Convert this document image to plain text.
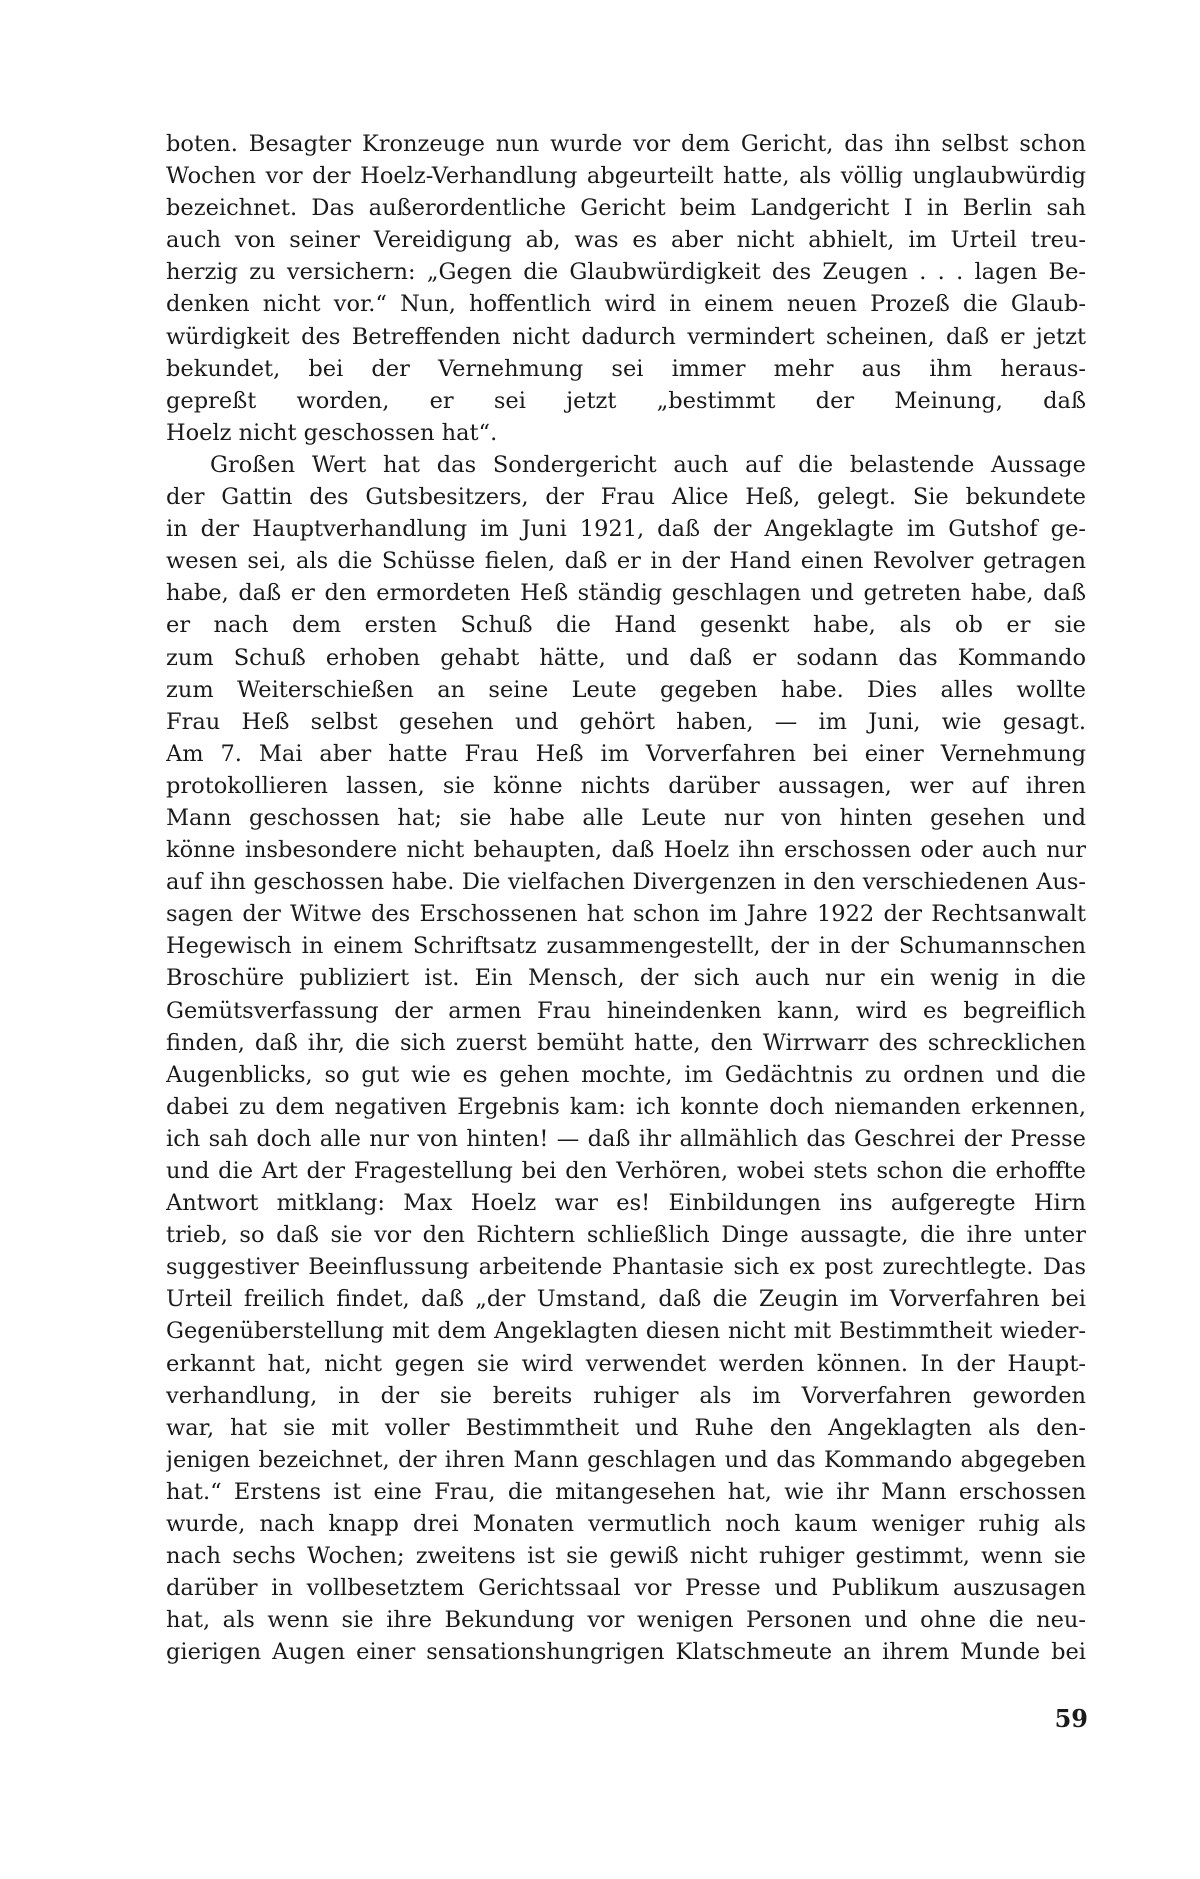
boten. Besagter Kronzeuge nun wurde vor dem Gericht, das ihn selbst schon
Wochen vor der Hoelz-Verhandlung abgeurteilt hatte, als völlig unglaubwürdig
bezeichnet. Das außerordentliche Gericht beim Landgericht I in Berlin sah
auch von seiner Vereidigung ab, was es aber nicht abhielt, im Urteil treu-
herzig zu versichern: „Gegen die Glaubwürdigkeit des Zeugen . . . lagen Be-
denken nicht vor.“ Nun, hoffentlich wird in einem neuen Prozeß die Glaub-
würdigkeit des Betreffenden nicht dadurch vermindert scheinen, daß er jetzt
bekundet, bei der Vernehmung sei immer mehr aus ihm heraus-
gepreßt worden, er sei jetzt „bestimmt der Meinung, daß
Hoelz nicht geschossen hat“.
Großen Wert hat das Sondergericht auch auf die belastende Aussage
der Gattin des Gutsbesitzers, der Frau Alice Heß, gelegt. Sie bekundete
in der Hauptverhandlung im Juni 1921, daß der Angeklagte im Gutshof ge-
wesen sei, als die Schüsse fielen, daß er in der Hand einen Revolver getragen
habe, daß er den ermordeten Heß ständig geschlagen und getreten habe, daß
er nach dem ersten Schuß die Hand gesenkt habe, als ob er sie
zum Schuß erhoben gehabt hätte, und daß er sodann das Kommando
zum Weiterschießen an seine Leute gegeben habe. Dies alles wollte
Frau Heß selbst gesehen und gehört haben, — im Juni, wie gesagt.
Am 7. Mai aber hatte Frau Heß im Vorverfahren bei einer Vernehmung
protokollieren lassen, sie könne nichts darüber aussagen, wer auf ihren
Mann geschossen hat; sie habe alle Leute nur von hinten gesehen und
könne insbesondere nicht behaupten, daß Hoelz ihn erschossen oder auch nur
auf ihn geschossen habe. Die vielfachen Divergenzen in den verschiedenen Aus-
sagen der Witwe des Erschossenen hat schon im Jahre 1922 der Rechtsanwalt
Hegewisch in einem Schriftsatz zusammengestellt, der in der Schumannschen
Broschüre publiziert ist. Ein Mensch, der sich auch nur ein wenig in die
Gemütsverfassung der armen Frau hineindenken kann, wird es begreiflich
finden, daß ihr, die sich zuerst bemüht hatte, den Wirrwarr des schrecklichen
Augenblicks, so gut wie es gehen mochte, im Gedächtnis zu ordnen und die
dabei zu dem negativen Ergebnis kam: ich konnte doch niemanden erkennen,
ich sah doch alle nur von hinten! — daß ihr allmählich das Geschrei der Presse
und die Art der Fragestellung bei den Verhören, wobei stets schon die erhoffte
Antwort mitklang: Max Hoelz war es! Einbildungen ins aufgeregte Hirn
trieb, so daß sie vor den Richtern schließlich Dinge aussagte, die ihre unter
suggestiver Beeinflussung arbeitende Phantasie sich ex post zurechtlegte. Das
Urteil freilich findet, daß „der Umstand, daß die Zeugin im Vorverfahren bei
Gegenüberstellung mit dem Angeklagten diesen nicht mit Bestimmtheit wieder-
erkannt hat, nicht gegen sie wird verwendet werden können. In der Haupt-
verhandlung, in der sie bereits ruhiger als im Vorverfahren geworden
war, hat sie mit voller Bestimmtheit und Ruhe den Angeklagten als den-
jenigen bezeichnet, der ihren Mann geschlagen und das Kommando abgegeben
hat.“ Erstens ist eine Frau, die mitangesehen hat, wie ihr Mann erschossen
wurde, nach knapp drei Monaten vermutlich noch kaum weniger ruhig als
nach sechs Wochen; zweitens ist sie gewiß nicht ruhiger gestimmt, wenn sie
darüber in vollbesetztem Gerichtssaal vor Presse und Publikum auszusagen
hat, als wenn sie ihre Bekundung vor wenigen Personen und ohne die neu-
gierigen Augen einer sensationshungrigen Klatschmeute an ihrem Munde bei
59
